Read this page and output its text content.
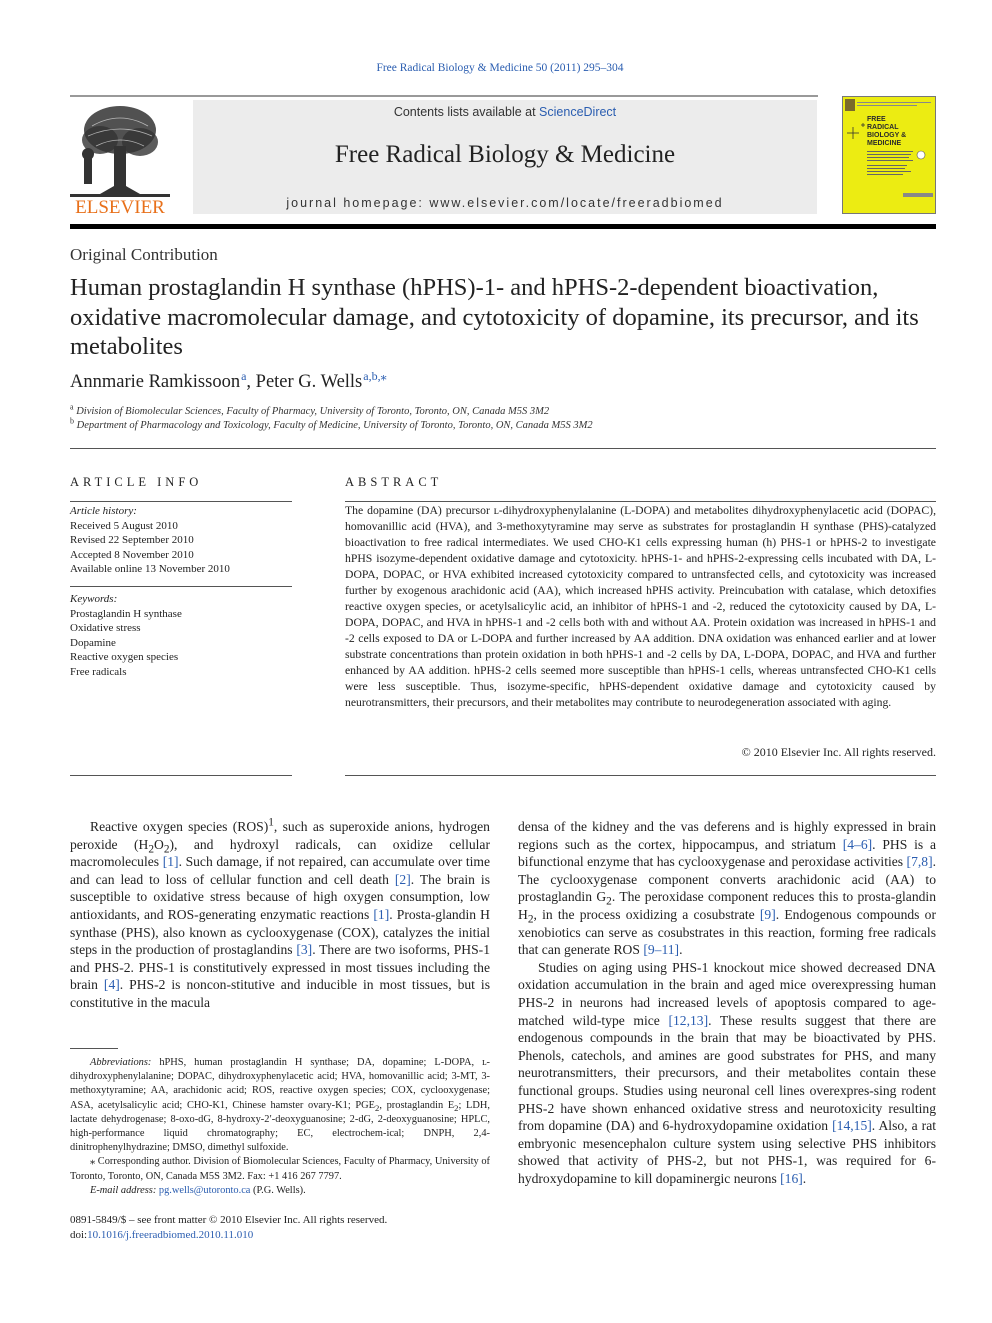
Free Radical Biology & Medicine 50 (2011) 295–304
ELSEVIER
Contents lists available at ScienceDirect
Free Radical Biology & Medicine
journal homepage: www.elsevier.com/locate/freeradbiomed
FREE RADICAL BIOLOGY & MEDICINE
Original Contribution
Human prostaglandin H synthase (hPHS)-1- and hPHS-2-dependent bioactivation, oxidative macromolecular damage, and cytotoxicity of dopamine, its precursor, and its metabolites
Annmarie Ramkissoon $^a$, Peter G. Wells $^{a,b,⁎}$
$^a$ Division of Biomolecular Sciences, Faculty of Pharmacy, University of Toronto, Toronto, ON, Canada M5S 3M2
$^b$ Department of Pharmacology and Toxicology, Faculty of Medicine, University of Toronto, Toronto, ON, Canada M5S 3M2
ARTICLE INFO
Article history:
Received 5 August 2010
Revised 22 September 2010
Accepted 8 November 2010
Available online 13 November 2010
Keywords:
Prostaglandin H synthase
Oxidative stress
Dopamine
Reactive oxygen species
Free radicals
ABSTRACT
The dopamine (DA) precursor ʟ-dihydroxyphenylalanine (L-DOPA) and metabolites dihydroxyphenylacetic acid (DOPAC), homovanillic acid (HVA), and 3-methoxytyramine may serve as substrates for prostaglandin H synthase (PHS)-catalyzed bioactivation to free radical intermediates. We used CHO-K1 cells expressing human (h) PHS-1 or hPHS-2 to investigate hPHS isozyme-dependent oxidative damage and cytotoxicity. hPHS-1- and hPHS-2-expressing cells incubated with DA, L-DOPA, DOPAC, or HVA exhibited increased cytotoxicity compared to untransfected cells, and cytotoxicity was increased further by exogenous arachidonic acid (AA), which increased hPHS activity. Preincubation with catalase, which detoxifies reactive oxygen species, or acetylsalicylic acid, an inhibitor of hPHS-1 and -2, reduced the cytotoxicity caused by DA, L-DOPA, DOPAC, and HVA in hPHS-1 and -2 cells both with and without AA. Protein oxidation was increased in hPHS-1 and -2 cells exposed to DA or L-DOPA and further increased by AA addition. DNA oxidation was enhanced earlier and at lower substrate concentrations than protein oxidation in both hPHS-1 and -2 cells by DA, L-DOPA, DOPAC, and HVA and further enhanced by AA addition. hPHS-2 cells seemed more susceptible than hPHS-1 cells, whereas untransfected CHO-K1 cells were less susceptible. Thus, isozyme-specific, hPHS-dependent oxidative damage and cytotoxicity caused by neurotransmitters, their precursors, and their metabolites may contribute to neurodegeneration associated with aging.
© 2010 Elsevier Inc. All rights reserved.

Reactive oxygen species (ROS)$^1$, such as superoxide anions, hydrogen peroxide $(H_2O_2)$, and hydroxyl radicals, can oxidize cellular macromolecules [1]. Such damage, if not repaired, can accumulate over time and can lead to loss of cellular function and cell death [2]. The brain is susceptible to oxidative stress because of high oxygen consumption, low antioxidants, and ROS-generating enzymatic reactions [1]. Prosta-glandin H synthase (PHS), also known as cyclooxygenase (COX), catalyzes the initial steps in the production of prostaglandins [3]. There are two isoforms, PHS-1 and PHS-2. PHS-1 is constitutively expressed in most tissues including the brain [4]. PHS-2 is noncon-stitutive and inducible in most tissues, but is constitutive in the macula

densa of the kidney and the vas deferens and is highly expressed in brain regions such as the cortex, hippocampus, and striatum [4–6]. PHS is a bifunctional enzyme that has cyclooxygenase and peroxidase activities [7,8]. The cyclooxygenase component converts arachidonic acid (AA) to prostaglandin $G_2$. The peroxidase component reduces this to prosta-glandin $H_2$, in the process oxidizing a cosubstrate [9]. Endogenous compounds or xenobiotics can serve as cosubstrates in this reaction, forming free radicals that can generate ROS [9–11].

Studies on aging using PHS-1 knockout mice showed decreased DNA oxidation accumulation in the brain and aged mice overexpressing human PHS-2 in neurons had increased levels of apoptosis compared to age-matched wild-type mice [12,13]. These results suggest that there are endogenous compounds in the brain that may be bioactivated by PHS. Phenols, catechols, and amines are good substrates for PHS, and many neurotransmitters, their precursors, and their metabolites contain these functional groups. Studies using neuronal cell lines overexpres-sing rodent PHS-2 have shown enhanced oxidative stress and neurotoxicity resulting from dopamine (DA) and 6-hydroxydopamine oxidation [14,15]. Also, a rat embryonic mesencephalon culture system using selective PHS inhibitors showed that activity of PHS-2, but not PHS-1, was required for 6-hydroxydopamine to kill dopaminergic neurons [16].

Abbreviations: hPHS, human prostaglandin H synthase; DA, dopamine; L-DOPA, ʟ-dihydroxyphenylalanine; DOPAC, dihydroxyphenylacetic acid; HVA, homovanillic acid; 3-MT, 3-methoxytyramine; AA, arachidonic acid; ROS, reactive oxygen species; COX, cyclooxygenase; ASA, acetylsalicylic acid; CHO-K1, Chinese hamster ovary-K1; $PGE_2$, prostaglandin $E_2$; LDH, lactate dehydrogenase; 8-oxo-dG, 8-hydroxy-2′-deoxyguanosine; 2-dG, 2-deoxyguanosine; HPLC, high-performance liquid chromatography; EC, electrochem-ical; DNPH, 2,4-dinitrophenylhydrazine; DMSO, dimethyl sulfoxide.

⁎ Corresponding author. Division of Biomolecular Sciences, Faculty of Pharmacy, University of Toronto, Toronto, ON, Canada M5S 3M2. Fax: +1 416 267 7797.

E-mail address: pg.wells@utoronto.ca (P.G. Wells).

0891-5849/$ – see front matter © 2010 Elsevier Inc. All rights reserved.
doi:10.1016/j.freeradbiomed.2010.11.010
